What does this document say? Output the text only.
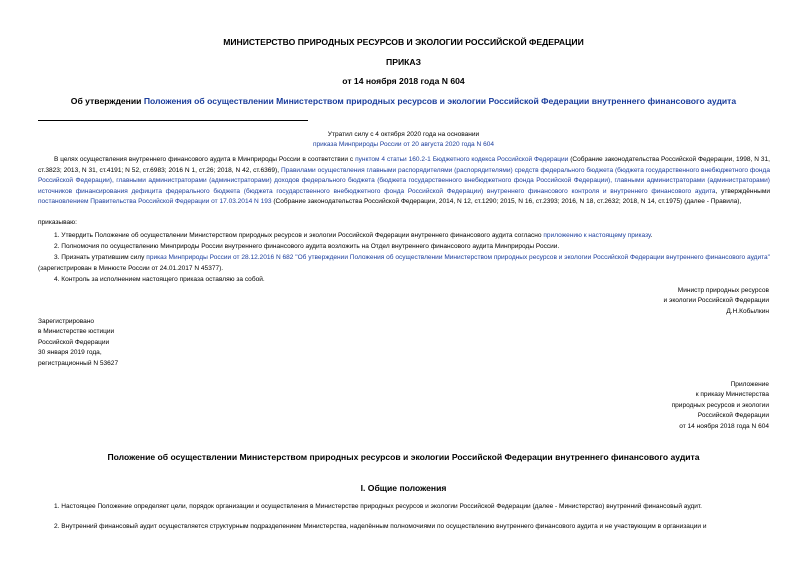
МИНИСТЕРСТВО ПРИРОДНЫХ РЕСУРСОВ И ЭКОЛОГИИ РОССИЙСКОЙ ФЕДЕРАЦИИ
ПРИКАЗ
от 14 ноября 2018 года N 604
Об утверждении Положения об осуществлении Министерством природных ресурсов и экологии Российской Федерации внутреннего финансового аудита
Утратил силу с 4 октября 2020 года на основании
приказа Минприроды России от 20 августа 2020 года N 604
В целях осуществления внутреннего финансового аудита в Минприроды России в соответствии с пунктом 4 статьи 160.2-1 Бюджетного кодекса Российской Федерации (Собрание законодательства Российской Федерации, 1998, N 31, ст.3823; 2013, N 31, ст.4191; N 52, ст.6983; 2016 N 1, ст.26; 2018, N 42, ст.6369), Правилами осуществления главными распорядителями (распорядителями) средств федерального бюджета (бюджета государственного внебюджетного фонда Российской Федерации), главными администраторами (администраторами) доходов федерального бюджета (бюджета государственного внебюджетного фонда Российской Федерации), главными администраторами (администраторами) источников финансирования дефицита федерального бюджета (бюджета государственного внебюджетного фонда Российской Федерации) внутреннего финансового контроля и внутреннего финансового аудита, утверждёнными постановлением Правительства Российской Федерации от 17.03.2014 N 193 (Собрание законодательства Российской Федерации, 2014, N 12, ст.1290; 2015, N 16, ст.2393; 2016, N 18, ст.2632; 2018, N 14, ст.1975) (далее - Правила),
приказываю:
1. Утвердить Положение об осуществлении Министерством природных ресурсов и экологии Российской Федерации внутреннего финансового аудита согласно приложению к настоящему приказу.
2. Полномочия по осуществлению Минприроды России внутреннего финансового аудита возложить на Отдел внутреннего финансового аудита Минприроды России.
3. Признать утратившим силу приказ Минприроды России от 28.12.2016 N 682 "Об утверждении Положения об осуществлении Министерством природных ресурсов и экологии Российской Федерации внутреннего финансового аудита" (зарегистрирован в Минюсте России от 24.01.2017 N 45377).
4. Контроль за исполнением настоящего приказа оставляю за собой.
Министр природных ресурсов
и экологии Российской Федерации
Д.Н.Кобылкин
Зарегистрировано
в Министерстве юстиции
Российской Федерации
30 января 2019 года,
регистрационный N 53627
Приложение
к приказу Министерства
природных ресурсов и экологии
Российской Федерации
от 14 ноября 2018 года N 604
Положение об осуществлении Министерством природных ресурсов и экологии Российской Федерации внутреннего финансового аудита
I. Общие положения
1. Настоящее Положение определяет цели, порядок организации и осуществления в Министерстве природных ресурсов и экологии Российской Федерации (далее - Министерство) внутренний финансовый аудит.
2. Внутренний финансовый аудит осуществляется структурным подразделением Министерства, наделённым полномочиями по осуществлению внутреннего финансового аудита и не участвующим в организации и
